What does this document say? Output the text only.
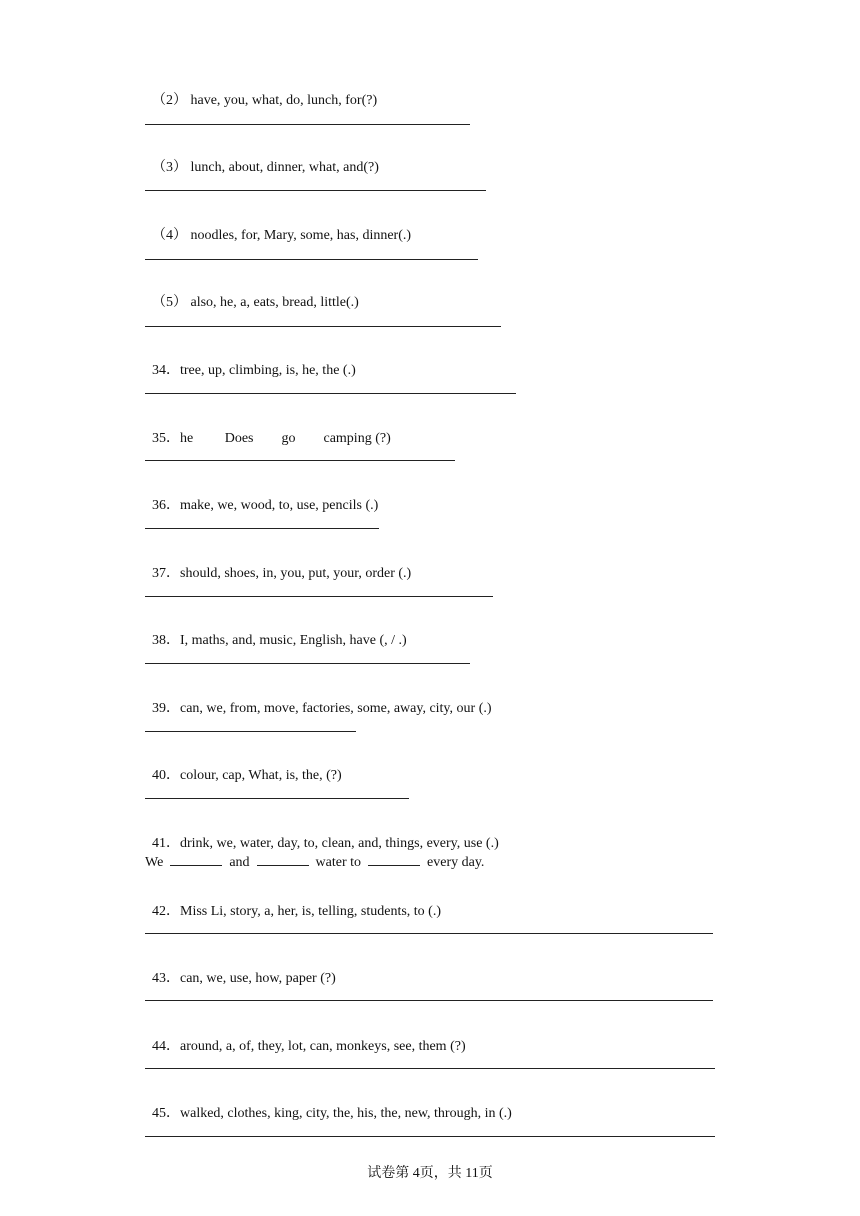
（2） have, you, what, do, lunch, for(?)

（3） lunch, about, dinner, what, and(?)

（4） noodles, for, Mary, some, has, dinner(.)

（5） also, he, a, eats, bread, little(.)

34．tree, up, climbing, is, he, the (.)

35．he         Does        go        camping (?)

36．make, we, wood, to, use, pencils (.)

37．should, shoes, in, you, put, your, order (.)

38．I, maths, and, music, English, have (, / .)

39．can, we, from, move, factories, some, away, city, our (.)

40．colour, cap, What, is, the, (?)

41．drink, we, water, day, to, clean, and, things, every, use (.)

We	and	water to	every day.

42．Miss Li, story, a, her, is, telling, students, to (.)

43．can, we, use, how, paper (?)

44．around, a, of, they, lot, can, monkeys, see, them (?)

45．walked, clothes, king, city, the, his, the, new, through, in (.)

试卷第 4页，共 11页
